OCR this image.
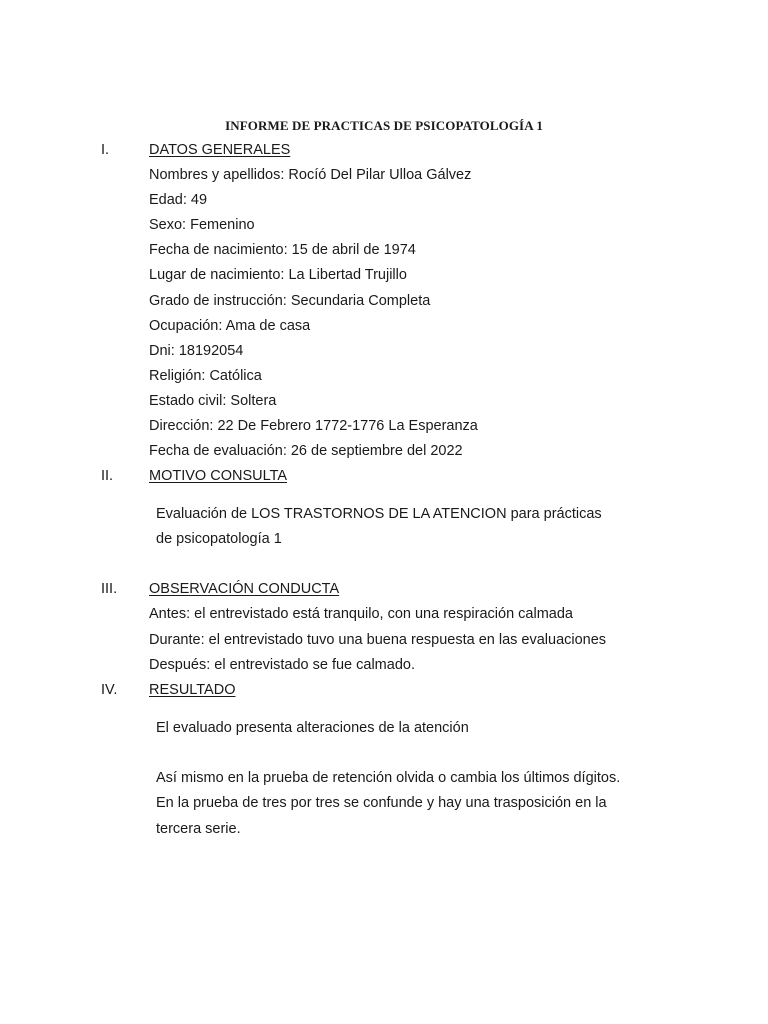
INFORME DE PRACTICAS DE PSICOPATOLOGÍA 1
I.	DATOS GENERALES
Nombres y apellidos: Rocíó Del Pilar Ulloa Gálvez
Edad: 49
Sexo: Femenino
Fecha de nacimiento: 15 de abril de 1974
Lugar de nacimiento: La Libertad Trujillo
Grado de instrucción: Secundaria Completa
Ocupación: Ama de casa
Dni: 18192054
Religión: Católica
Estado civil: Soltera
Dirección: 22 De Febrero 1772-1776 La Esperanza
Fecha de evaluación: 26 de septiembre del 2022
II. MOTIVO CONSULTA
Evaluación de LOS TRASTORNOS DE LA ATENCION para prácticas
de psicopatología 1
III. OBSERVACIÓN CONDUCTA
Antes: el entrevistado está tranquilo, con una respiración calmada
Durante: el entrevistado tuvo una buena respuesta en las evaluaciones
Después: el entrevistado se fue calmado.
IV. RESULTADO
El evaluado presenta alteraciones de la atención
Así mismo en la prueba de retención olvida o cambia los últimos dígitos.
En la prueba de tres por tres se confunde y hay una trasposición en la
tercera serie.
